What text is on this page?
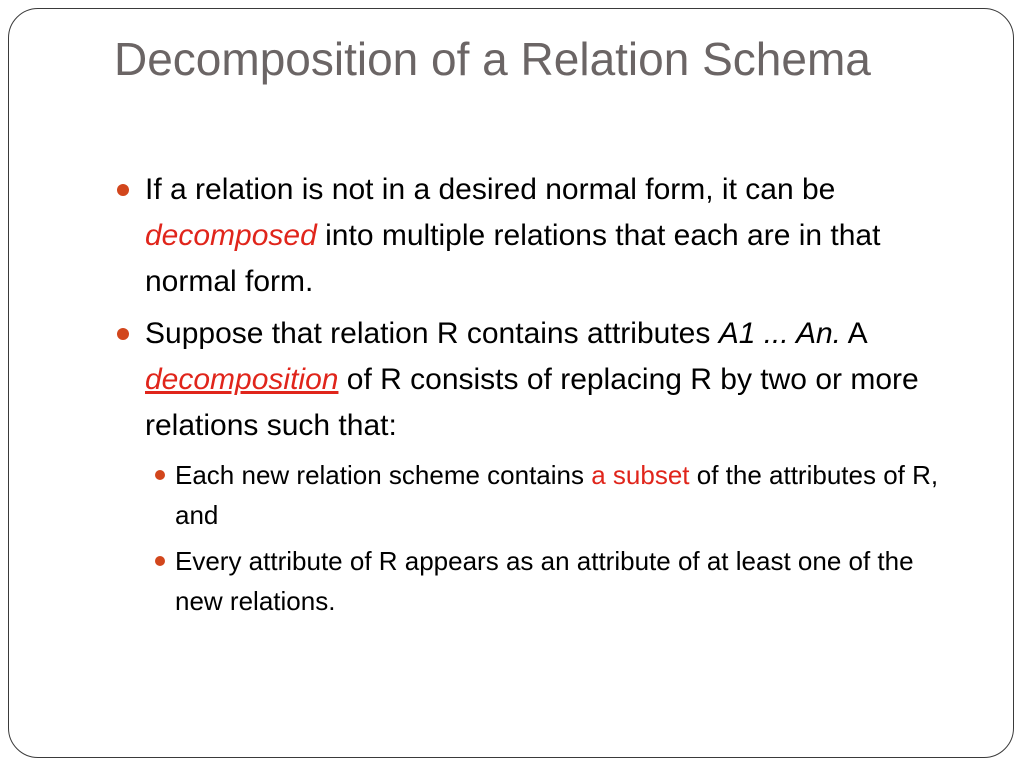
Decomposition of a Relation Schema
If a relation is not in a desired normal form, it can be decomposed into multiple relations that each are in that normal form.
Suppose that relation R contains attributes A1 ... An. A decomposition of R consists of replacing R by two or more relations such that:
Each new relation scheme contains a subset of the attributes of R, and
Every attribute of R appears as an attribute of at least one of the new relations.
